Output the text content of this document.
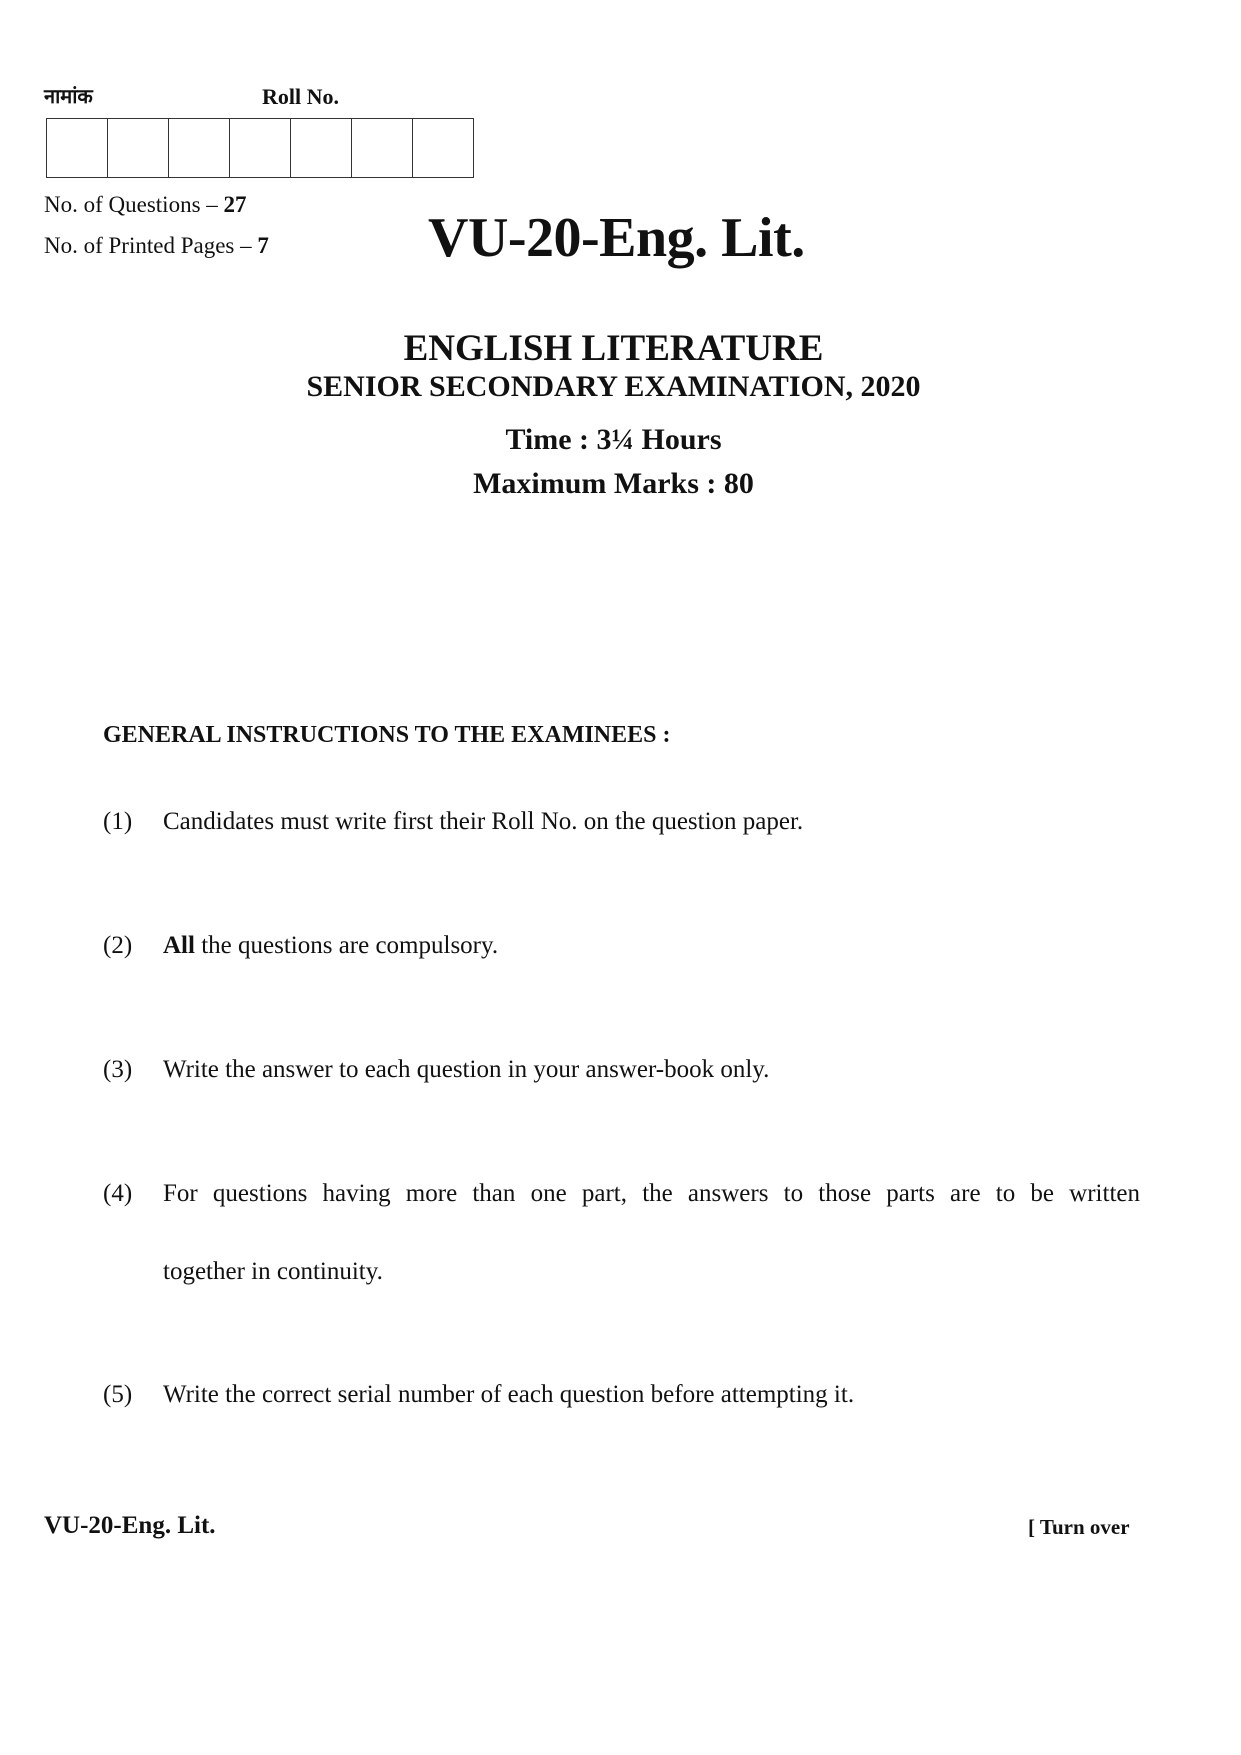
नामांक	Roll No.
No. of Questions – 27
No. of Printed Pages – 7	VU-20-Eng. Lit.
ENGLISH LITERATURE
SENIOR SECONDARY EXAMINATION, 2020
Time : 3¼ Hours
Maximum Marks : 80
GENERAL INSTRUCTIONS TO THE EXAMINEES :
(1) Candidates must write first their Roll No. on the question paper.
(2) All the questions are compulsory.
(3) Write the answer to each question in your answer-book only.
(4) For questions having more than one part, the answers to those parts are to be written
together in continuity.
(5) Write the correct serial number of each question before attempting it.
VU-20-Eng. Lit.	[ Turn over
